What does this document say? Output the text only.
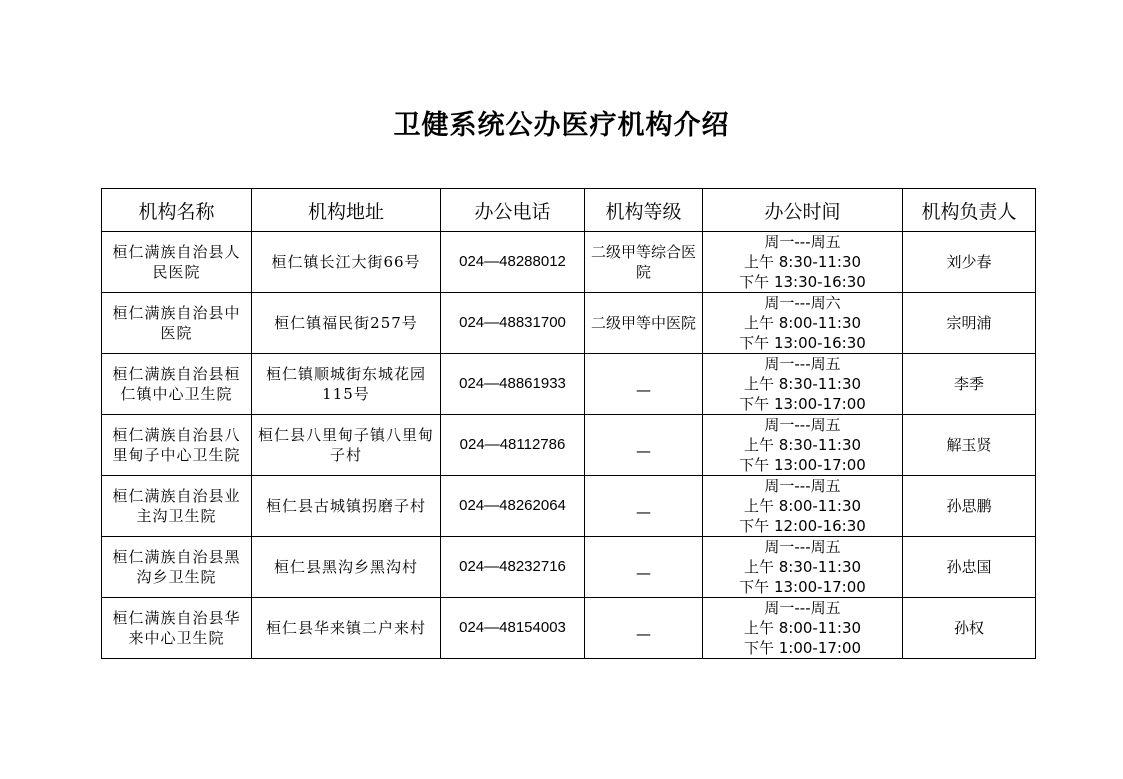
卫健系统公办医疗机构介绍
机构名称	机构地址	办公电话	机构等级	办公时间	机构负责人
桓仁满族自治县人民医院	桓仁镇长江大街66号	024—48288012	二级甲等综合医院	周一---周五
上午 8:30-11:30
下午 13:30-16:30	刘少春
桓仁满族自治县中医院	桓仁镇福民街257号	024—48831700	二级甲等中医院	周一---周六
上午 8:00-11:30
下午 13:00-16:30	宗明浦
桓仁满族自治县桓仁镇中心卫生院	桓仁镇顺城街东城花园115号	024—48861933	—	周一---周五
上午 8:30-11:30
下午 13:00-17:00	李季
桓仁满族自治县八里甸子中心卫生院	桓仁县八里甸子镇八里甸子村	024—48112786	—	周一---周五
上午 8:30-11:30
下午 13:00-17:00	解玉贤
桓仁满族自治县业主沟卫生院	桓仁县古城镇拐磨子村	024—48262064	—	周一---周五
上午 8:00-11:30
下午 12:00-16:30	孙思鹏
桓仁满族自治县黑沟乡卫生院	桓仁县黑沟乡黑沟村	024—48232716	—	周一---周五
上午 8:30-11:30
下午 13:00-17:00	孙忠国
桓仁满族自治县华来中心卫生院	桓仁县华来镇二户来村	024—48154003	—	周一---周五
上午 8:00-11:30
下午 1:00-17:00	孙权
